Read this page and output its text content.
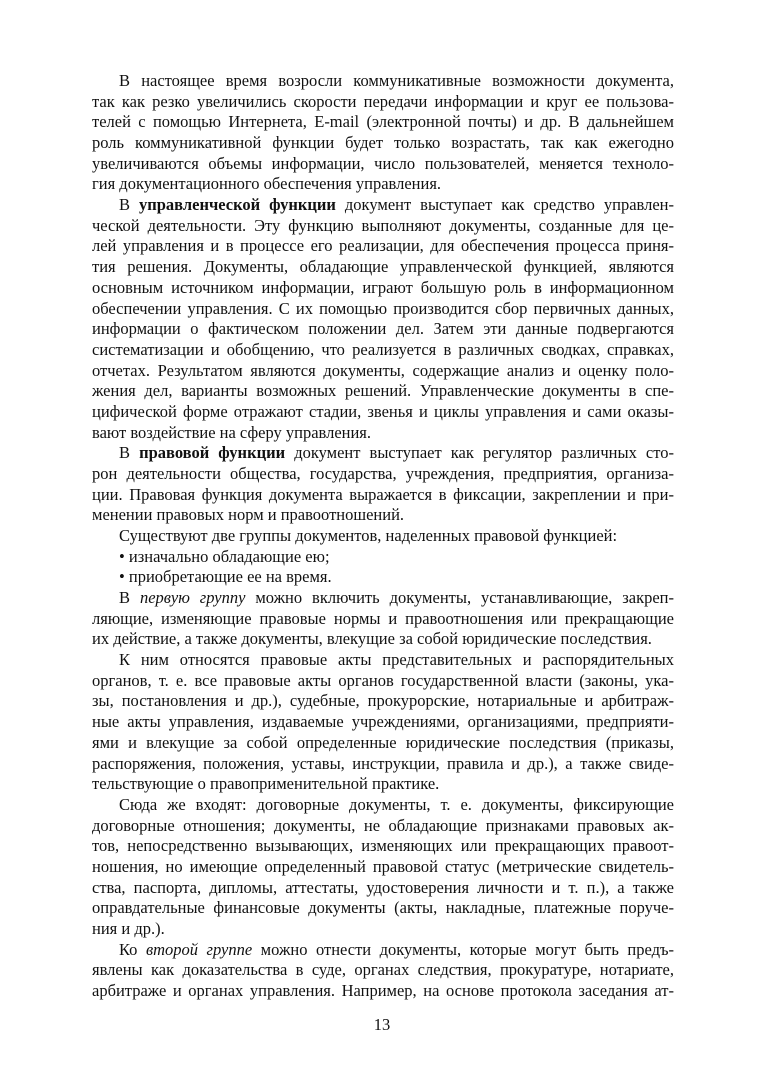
В настоящее время возросли коммуникативные возможности документа,
так как резко увеличились скорости передачи информации и круг ее пользова-
телей с помощью Интернета, E-mail (электронной почты) и др. В дальнейшем
роль коммуникативной функции будет только возрастать, так как ежегодно
увеличиваются объемы информации, число пользователей, меняется техноло-
гия документационного обеспечения управления.
В управленческой функции документ выступает как средство управлен-
ческой деятельности. Эту функцию выполняют документы, созданные для це-
лей управления и в процессе его реализации, для обеспечения процесса приня-
тия решения. Документы, обладающие управленческой функцией, являются
основным источником информации, играют большую роль в информационном
обеспечении управления. С их помощью производится сбор первичных данных,
информации о фактическом положении дел. Затем эти данные подвергаются
систематизации и обобщению, что реализуется в различных сводках, справках,
отчетах. Результатом являются документы, содержащие анализ и оценку поло-
жения дел, варианты возможных решений. Управленческие документы в спе-
цифической форме отражают стадии, звенья и циклы управления и сами оказы-
вают воздействие на сферу управления.
В правовой функции документ выступает как регулятор различных сто-
рон деятельности общества, государства, учреждения, предприятия, организа-
ции. Правовая функция документа выражается в фиксации, закреплении и при-
менении правовых норм и правоотношений.
Существуют две группы документов, наделенных правовой функцией:
• изначально обладающие ею;
• приобретающие ее на время.
В первую группу можно включить документы, устанавливающие, закреп-
ляющие, изменяющие правовые нормы и правоотношения или прекращающие
их действие, а также документы, влекущие за собой юридические последствия.
К ним относятся правовые акты представительных и распорядительных
органов, т. е. все правовые акты органов государственной власти (законы, ука-
зы, постановления и др.), судебные, прокурорские, нотариальные и арбитраж-
ные акты управления, издаваемые учреждениями, организациями, предприяти-
ями и влекущие за собой определенные юридические последствия (приказы,
распоряжения, положения, уставы, инструкции, правила и др.), а также свиде-
тельствующие о правоприменительной практике.
Сюда же входят: договорные документы, т. е. документы, фиксирующие
договорные отношения; документы, не обладающие признаками правовых ак-
тов, непосредственно вызывающих, изменяющих или прекращающих правоот-
ношения, но имеющие определенный правовой статус (метрические свидетель-
ства, паспорта, дипломы, аттестаты, удостоверения личности и т. п.), а также
оправдательные финансовые документы (акты, накладные, платежные поруче-
ния и др.).
Ко второй группе можно отнести документы, которые могут быть предъ-
явлены как доказательства в суде, органах следствия, прокуратуре, нотариате,
арбитраже и органах управления. Например, на основе протокола заседания ат-
13
